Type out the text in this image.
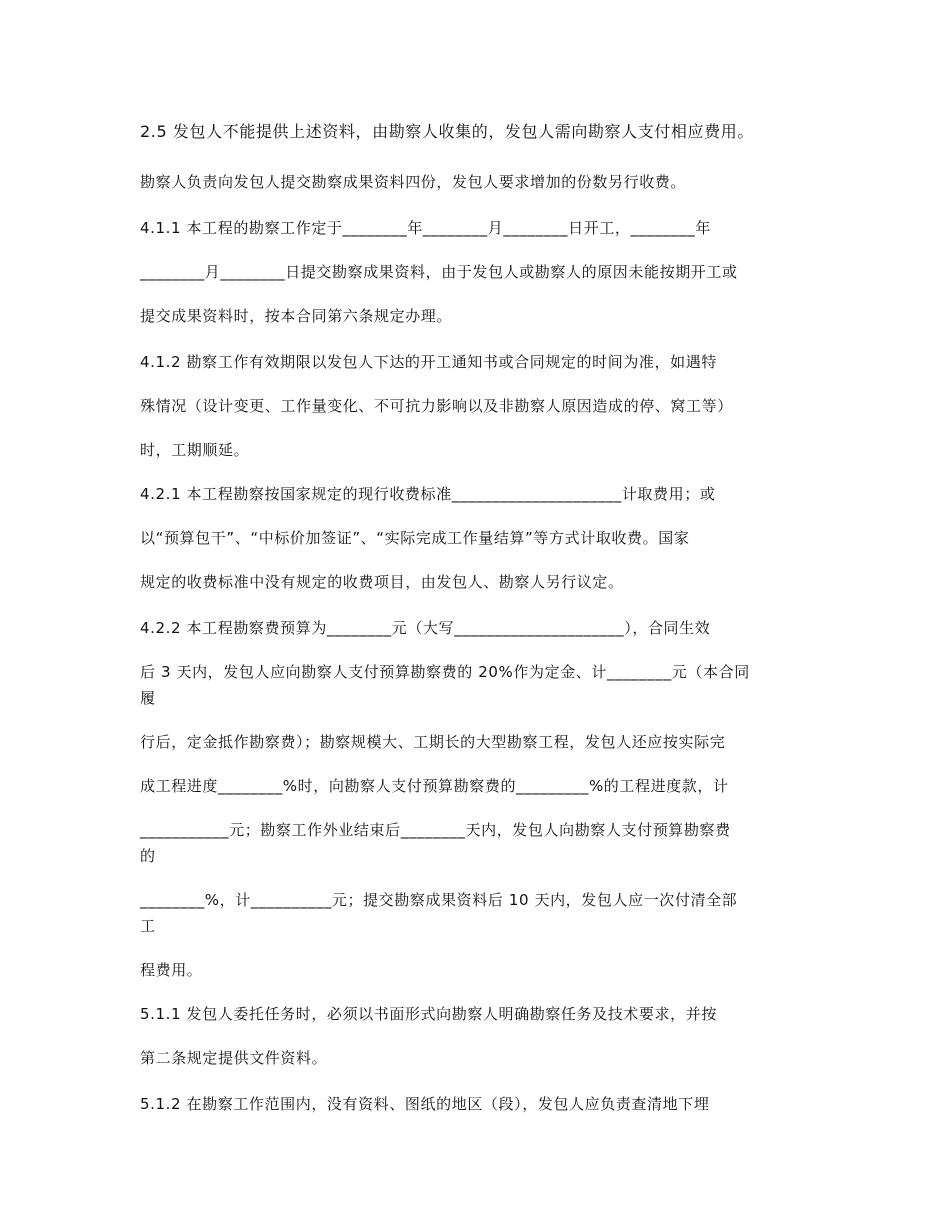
2.5 发包人不能提供上述资料，由勘察人收集的，发包人需向勘察人支付相应费用。
勘察人负责向发包人提交勘察成果资料四份，发包人要求增加的份数另行收费。
4.1.1 本工程的勘察工作定于________年________月________日开工，________年
________月________日提交勘察成果资料，由于发包人或勘察人的原因未能按期开工或
提交成果资料时，按本合同第六条规定办理。
4.1.2 勘察工作有效期限以发包人下达的开工通知书或合同规定的时间为准，如遇特
殊情况（设计变更、工作量变化、不可抗力影响以及非勘察人原因造成的停、窝工等）
时，工期顺延。
4.2.1 本工程勘察按国家规定的现行收费标准_____________________计取费用；或
以“预算包干”、“中标价加签证”、“实际完成工作量结算”等方式计取收费。国家
规定的收费标准中没有规定的收费项目，由发包人、勘察人另行议定。
4.2.2 本工程勘察费预算为________元（大写_____________________），合同生效
后 3 天内，发包人应向勘察人支付预算勘察费的 20%作为定金、计________元（本合同
履
行后，定金抵作勘察费）；勘察规模大、工期长的大型勘察工程，发包人还应按实际完
成工程进度________%时，向勘察人支付预算勘察费的_________%的工程进度款，计
___________元；勘察工作外业结束后________天内，发包人向勘察人支付预算勘察费
的
________%，计__________元；提交勘察成果资料后 10 天内，发包人应一次付清全部
工
程费用。
5.1.1 发包人委托任务时，必须以书面形式向勘察人明确勘察任务及技术要求，并按
第二条规定提供文件资料。
5.1.2 在勘察工作范围内，没有资料、图纸的地区（段），发包人应负责查清地下埋
